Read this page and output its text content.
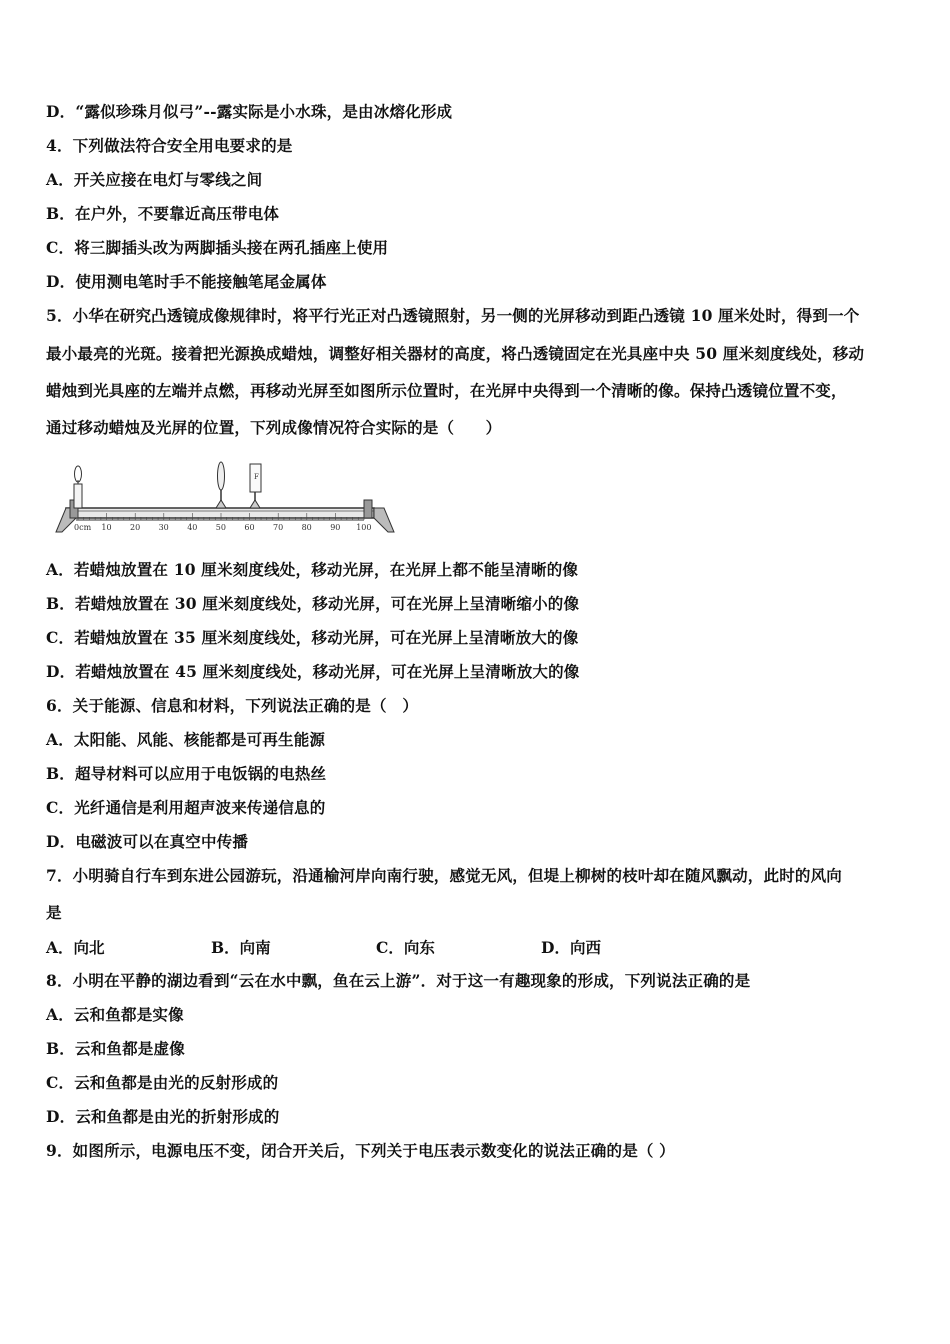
D．“露似珍珠月似弓”--露实际是小水珠，是由冰熔化形成
4．下列做法符合安全用电要求的是
A．开关应接在电灯与零线之间
B．在户外，不要靠近高压带电体
C．将三脚插头改为两脚插头接在两孔插座上使用
D．使用测电笔时手不能接触笔尾金属体
5．小华在研究凸透镜成像规律时，将平行光正对凸透镜照射，另一侧的光屏移动到距凸透镜 10 厘米处时，得到一个
最小最亮的光斑。接着把光源换成蜡烛，调整好相关器材的高度，将凸透镜固定在光具座中央 50 厘米刻度线处，移动
蜡烛到光具座的左端并点燃，再移动光屏至如图所示位置时，在光屏中央得到一个清晰的像。保持凸透镜位置不变，
通过移动蜡烛及光屏的位置，下列成像情况符合实际的是（　　）
0cm 10 20 30 40 50 60 70 80 90 100
F
A．若蜡烛放置在 10 厘米刻度线处，移动光屏，在光屏上都不能呈清晰的像
B．若蜡烛放置在 30 厘米刻度线处，移动光屏，可在光屏上呈清晰缩小的像
C．若蜡烛放置在 35 厘米刻度线处，移动光屏，可在光屏上呈清晰放大的像
D．若蜡烛放置在 45 厘米刻度线处，移动光屏，可在光屏上呈清晰放大的像
6．关于能源、信息和材料，下列说法正确的是（　）
A．太阳能、风能、核能都是可再生能源
B．超导材料可以应用于电饭锅的电热丝
C．光纤通信是利用超声波来传递信息的
D．电磁波可以在真空中传播
7．小明骑自行车到东进公园游玩，沿通榆河岸向南行驶，感觉无风，但堤上柳树的枝叶却在随风飘动，此时的风向
是
A．向北	B．向南	C．向东	D．向西
8．小明在平静的湖边看到“云在水中飘，鱼在云上游”．对于这一有趣现象的形成，下列说法正确的是
A．云和鱼都是实像
B．云和鱼都是虚像
C．云和鱼都是由光的反射形成的
D．云和鱼都是由光的折射形成的
9．如图所示，电源电压不变，闭合开关后，下列关于电压表示数变化的说法正确的是（ ）
